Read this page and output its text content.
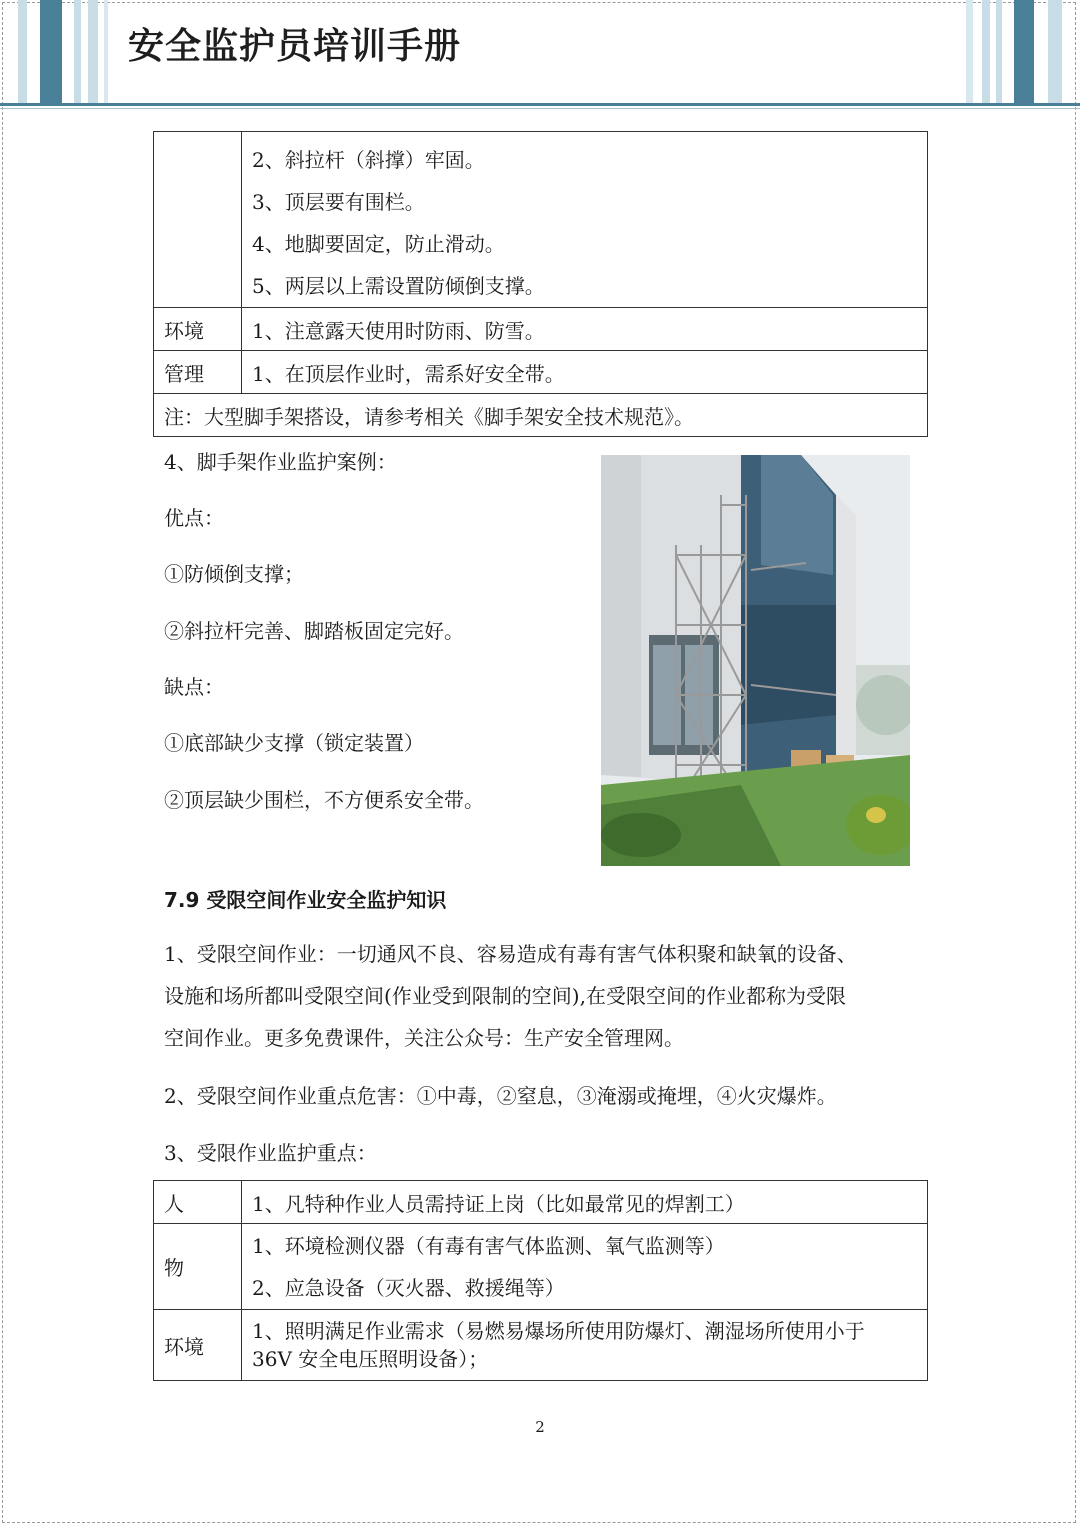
安全监护员培训手册

	2、斜拉杆（斜撑）牢固。
3、顶层要有围栏。
4、地脚要固定，防止滑动。
5、两层以上需设置防倾倒支撑。

环境	1、注意露天使用时防雨、防雪。
管理	1、在顶层作业时，需系好安全带。
注：大型脚手架搭设，请参考相关《脚手架安全技术规范》。	
4、脚手架作业监护案例：
优点：
①防倾倒支撑；
②斜拉杆完善、脚踏板固定完好。
缺点：
①底部缺少支撑（锁定装置）
②顶层缺少围栏，不方便系安全带。
7.9 受限空间作业安全监护知识
1、受限空间作业：一切通风不良、容易造成有毒有害气体积聚和缺氧的设备、
设施和场所都叫受限空间(作业受到限制的空间),在受限空间的作业都称为受限
空间作业。更多免费课件，关注公众号：生产安全管理网。
2、受限空间作业重点危害：①中毒，②窒息，③淹溺或掩埋，④火灾爆炸。
3、受限作业监护重点：
人	1、凡特种作业人员需持证上岗（比如最常见的焊割工）
物	1、环境检测仪器（有毒有害气体监测、氧气监测等）
2、应急设备（灭火器、救援绳等）

环境	1、照明满足作业需求（易燃易爆场所使用防爆灯、潮湿场所使用小于
36V 安全电压照明设备）；
2
